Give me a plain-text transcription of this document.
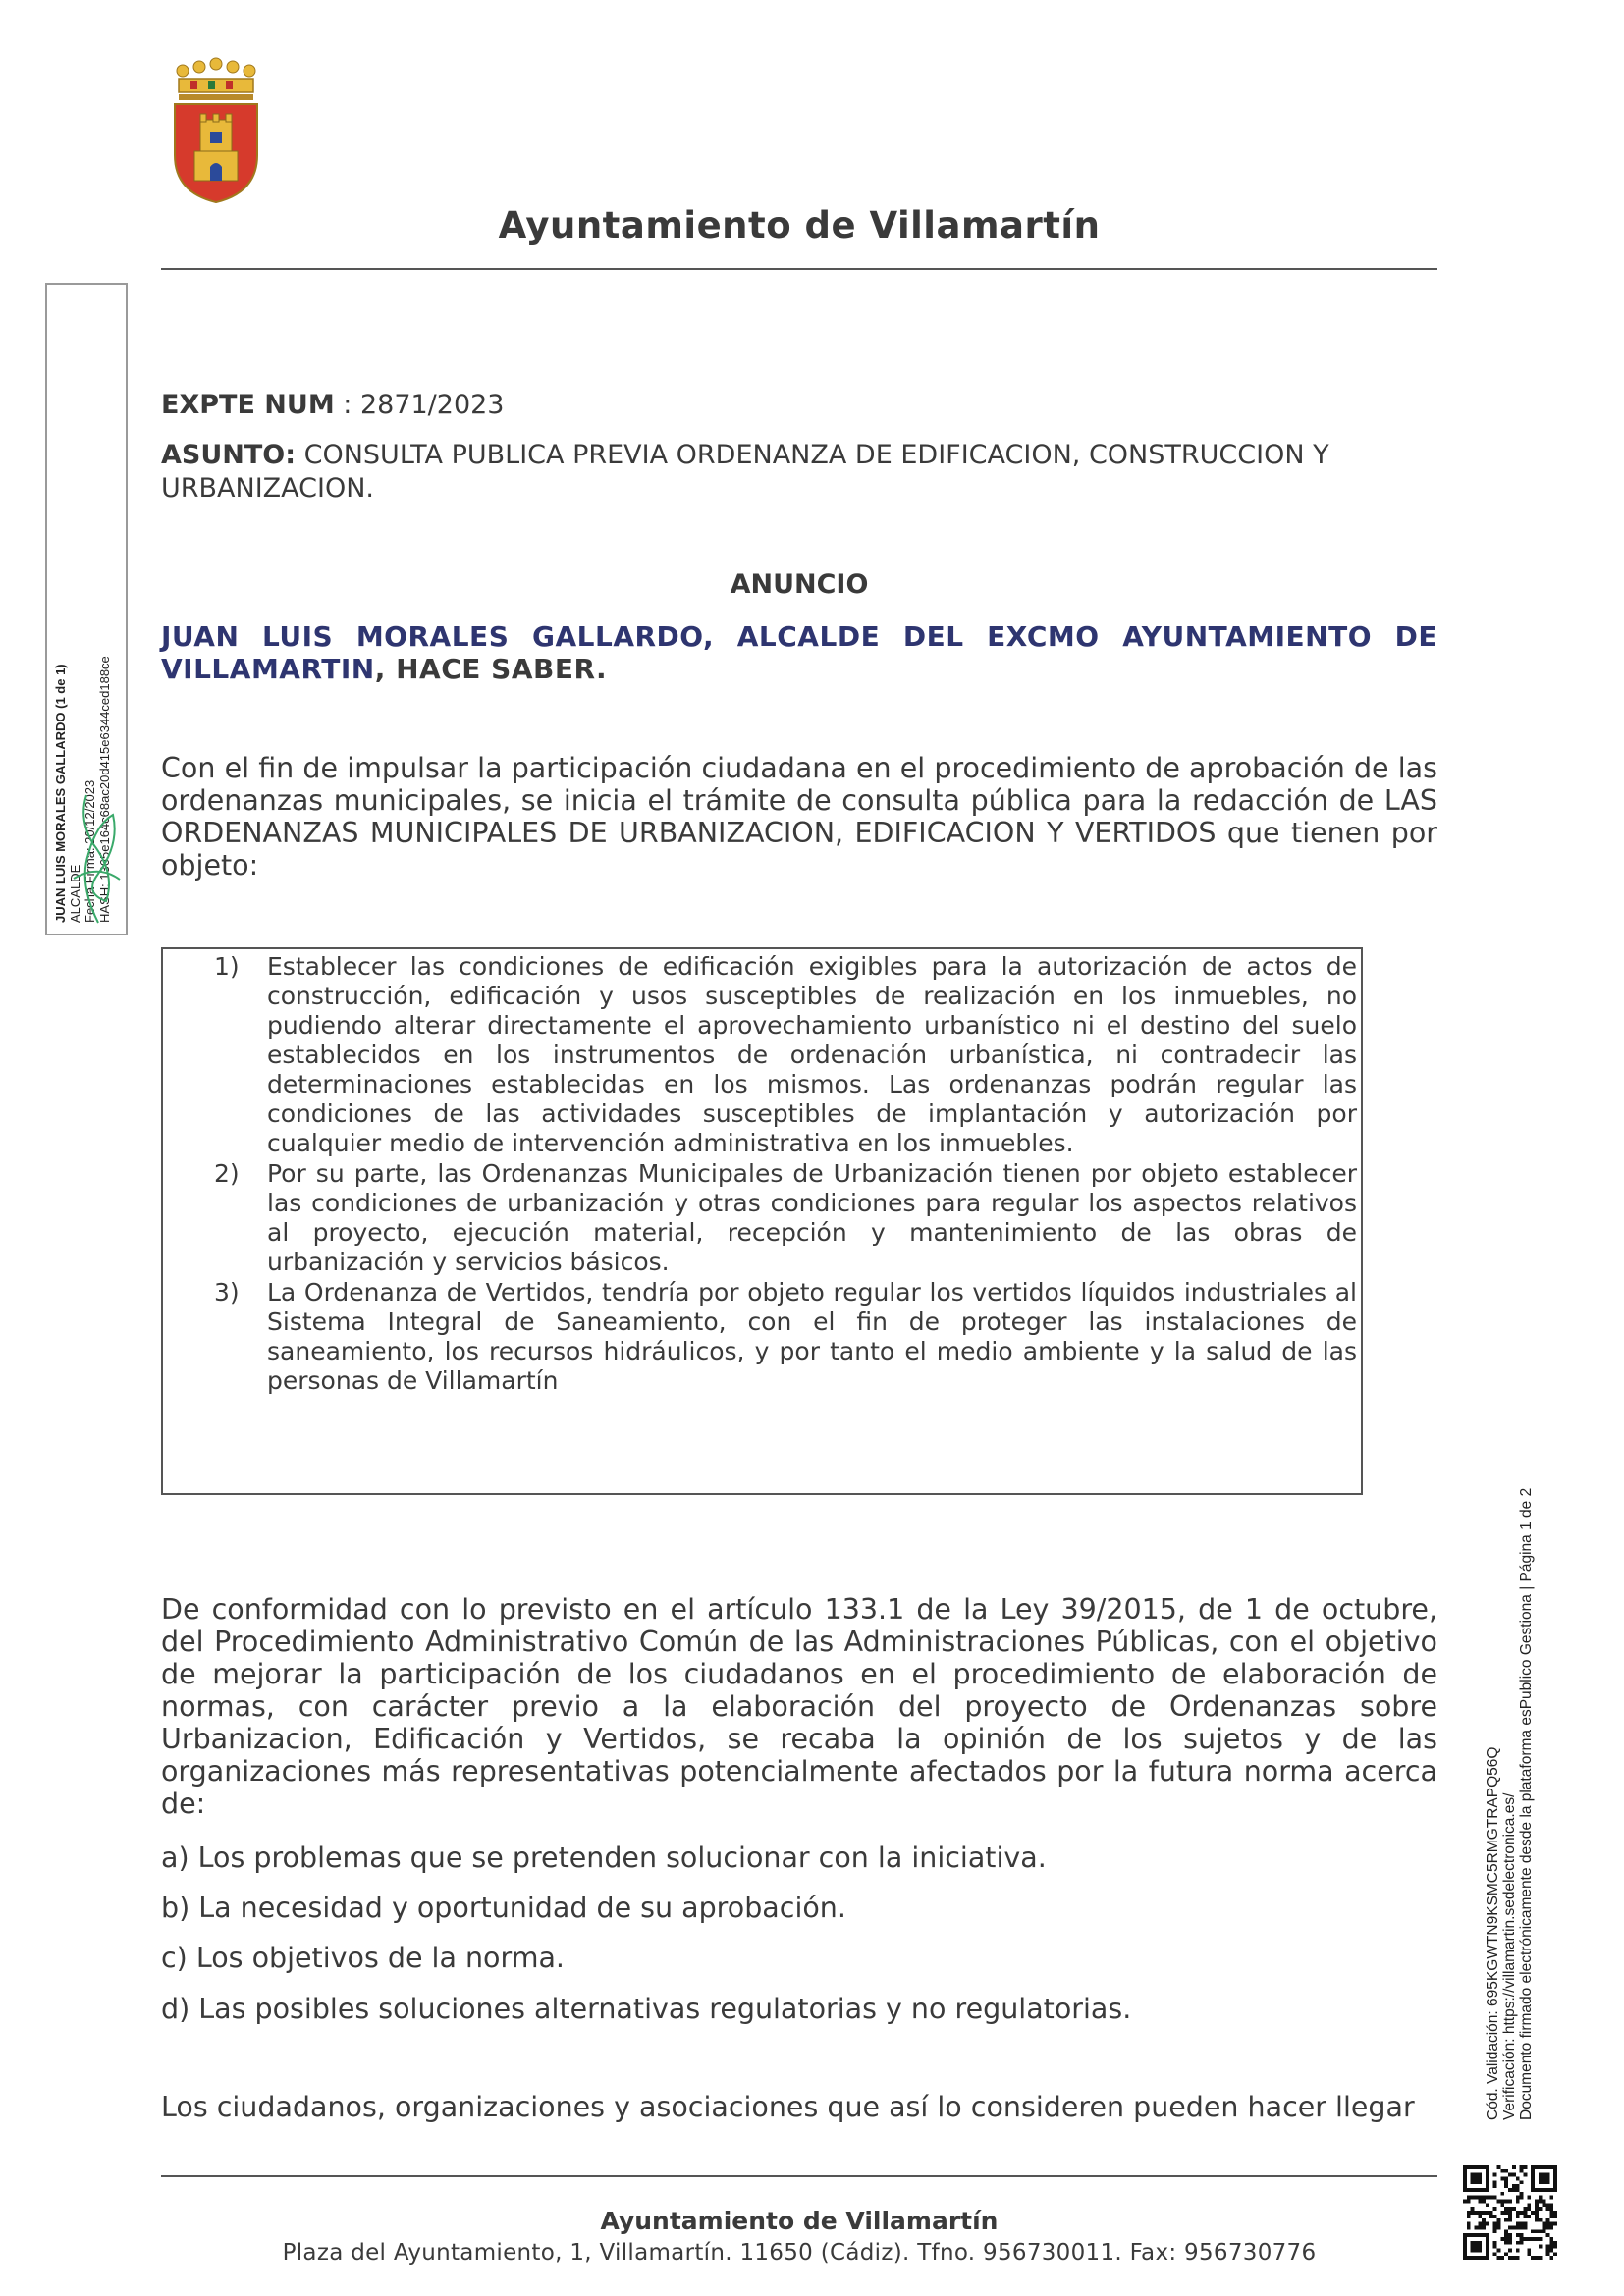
Ayuntamiento de Villamartín
JUAN LUIS MORALES GALLARDO (1 de 1) ALCALDE Fecha Firma: 20/12/2023 HASH: 1365e164c68ac20d415e6344ced188ce
EXPTE NUM : 2871/2023
ASUNTO: CONSULTA PUBLICA PREVIA ORDENANZA DE EDIFICACION, CONSTRUCCION Y URBANIZACION.
ANUNCIO
JUAN LUIS MORALES GALLARDO, ALCALDE DEL EXCMO AYUNTAMIENTO DE VILLAMARTIN, HACE SABER.
Con el fin de impulsar la participación ciudadana en el procedimiento de aprobación de las ordenanzas municipales, se inicia el trámite de consulta pública para la redacción de LAS ORDENANZAS MUNICIPALES DE URBANIZACION, EDIFICACION Y VERTIDOS que tienen por objeto:
1) Establecer las condiciones de edificación exigibles para la autorización de actos de construcción, edificación y usos susceptibles de realización en los inmuebles, no pudiendo alterar directamente el aprovechamiento urbanístico ni el destino del suelo establecidos en los instrumentos de ordenación urbanística, ni contradecir las determinaciones establecidas en los mismos. Las ordenanzas podrán regular las condiciones de las actividades susceptibles de implantación y autorización por cualquier medio de intervención administrativa en los inmuebles.
2) Por su parte, las Ordenanzas Municipales de Urbanización tienen por objeto establecer las condiciones de urbanización y otras condiciones para regular los aspectos relativos al proyecto, ejecución material, recepción y mantenimiento de las obras de urbanización y servicios básicos.
3) La Ordenanza de Vertidos, tendría por objeto regular los vertidos líquidos industriales al Sistema Integral de Saneamiento, con el fin de proteger las instalaciones de saneamiento, los recursos hidráulicos, y por tanto el medio ambiente y la salud de las personas de Villamartín
De conformidad con lo previsto en el artículo 133.1 de la Ley 39/2015, de 1 de octubre, del Procedimiento Administrativo Común de las Administraciones Públicas, con el objetivo de mejorar la participación de los ciudadanos en el procedimiento de elaboración de normas, con carácter previo a la elaboración del proyecto de Ordenanzas sobre Urbanizacion, Edificación y Vertidos, se recaba la opinión de los sujetos y de las organizaciones más representativas potencialmente afectados por la futura norma acerca de:
a) Los problemas que se pretenden solucionar con la iniciativa.
b) La necesidad y oportunidad de su aprobación.
c) Los objetivos de la norma.
d) Las posibles soluciones alternativas regulatorias y no regulatorias.
Los ciudadanos, organizaciones y asociaciones que así lo consideren pueden hacer llegar
Ayuntamiento de Villamartín
Plaza del Ayuntamiento, 1, Villamartín. 11650 (Cádiz). Tfno. 956730011. Fax: 956730776
Cód. Validación: 695KGWTN9KSMC5RMGTRAPQ56Q Verificación: https://villamartin.sedelectronica.es/ Documento firmado electrónicamente desde la plataforma esPublico Gestiona | Página 1 de 2
